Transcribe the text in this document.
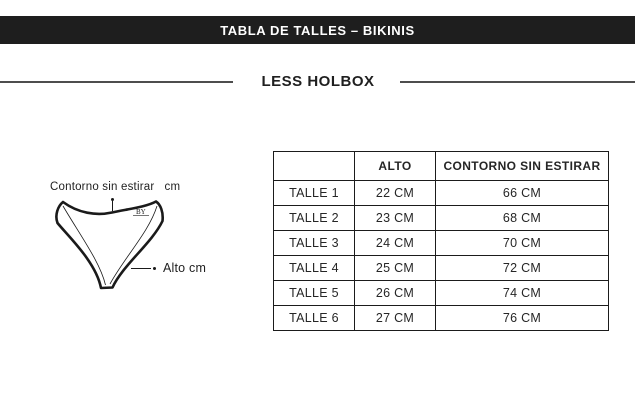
TABLA DE TALLES – BIKINIS
LESS HOLBOX
BY
Contorno sin estirar   cm
Alto cm
	ALTO	CONTORNO SIN ESTIRAR
TALLE 1	22 CM	66 CM
TALLE 2	23 CM	68 CM
TALLE 3	24 CM	70 CM
TALLE 4	25 CM	72 CM
TALLE 5	26 CM	74 CM
TALLE 6	27 CM	76 CM
